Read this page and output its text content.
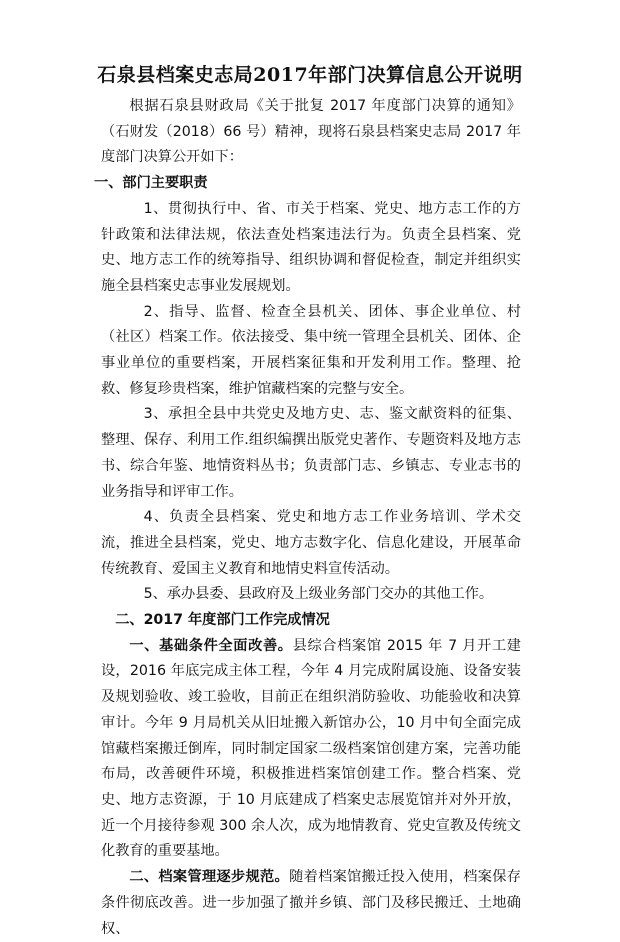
石泉县档案史志局2017年部门决算信息公开说明

根据石泉县财政局《关于批复 2017 年度部门决算的通知》（石财发（2018）66 号）精神，现将石泉县档案史志局 2017 年度部门决算公开如下：

一、部门主要职责

1、贯彻执行中、省、市关于档案、党史、地方志工作的方针政策和法律法规，依法查处档案违法行为。负责全县档案、党史、地方志工作的统筹指导、组织协调和督促检查，制定并组织实施全县档案史志事业发展规划。

2、指导、监督、检查全县机关、团体、事企业单位、村（社区）档案工作。依法接受、集中统一管理全县机关、团体、企事业单位的重要档案，开展档案征集和开发利用工作。整理、抢救、修复珍贵档案，维护馆藏档案的完整与安全。

3、承担全县中共党史及地方史、志、鉴文献资料的征集、整理、保存、利用工作.组织编撰出版党史著作、专题资料及地方志书、综合年鉴、地情资料丛书；负责部门志、乡镇志、专业志书的业务指导和评审工作。

4、负责全县档案、党史和地方志工作业务培训、学术交流，推进全县档案，党史、地方志数字化、信息化建设，开展革命传统教育、爱国主义教育和地情史料宣传活动。

5、承办县委、县政府及上级业务部门交办的其他工作。

二、2017 年度部门工作完成情况

一、基础条件全面改善。县综合档案馆 2015 年 7 月开工建设，2016 年底完成主体工程，今年 4 月完成附属设施、设备安装及规划验收、竣工验收，目前正在组织消防验收、功能验收和决算审计。今年 9 月局机关从旧址搬入新馆办公，10 月中旬全面完成馆藏档案搬迁倒库，同时制定国家二级档案馆创建方案，完善功能布局，改善硬件环境，积极推进档案馆创建工作。整合档案、党史、地方志资源，于 10 月底建成了档案史志展览馆并对外开放，近一个月接待参观 300 余人次，成为地情教育、党史宣教及传统文化教育的重要基地。

二、档案管理逐步规范。随着档案馆搬迁投入使用，档案保存条件彻底改善。进一步加强了撤并乡镇、部门及移民搬迁、土地确权、
